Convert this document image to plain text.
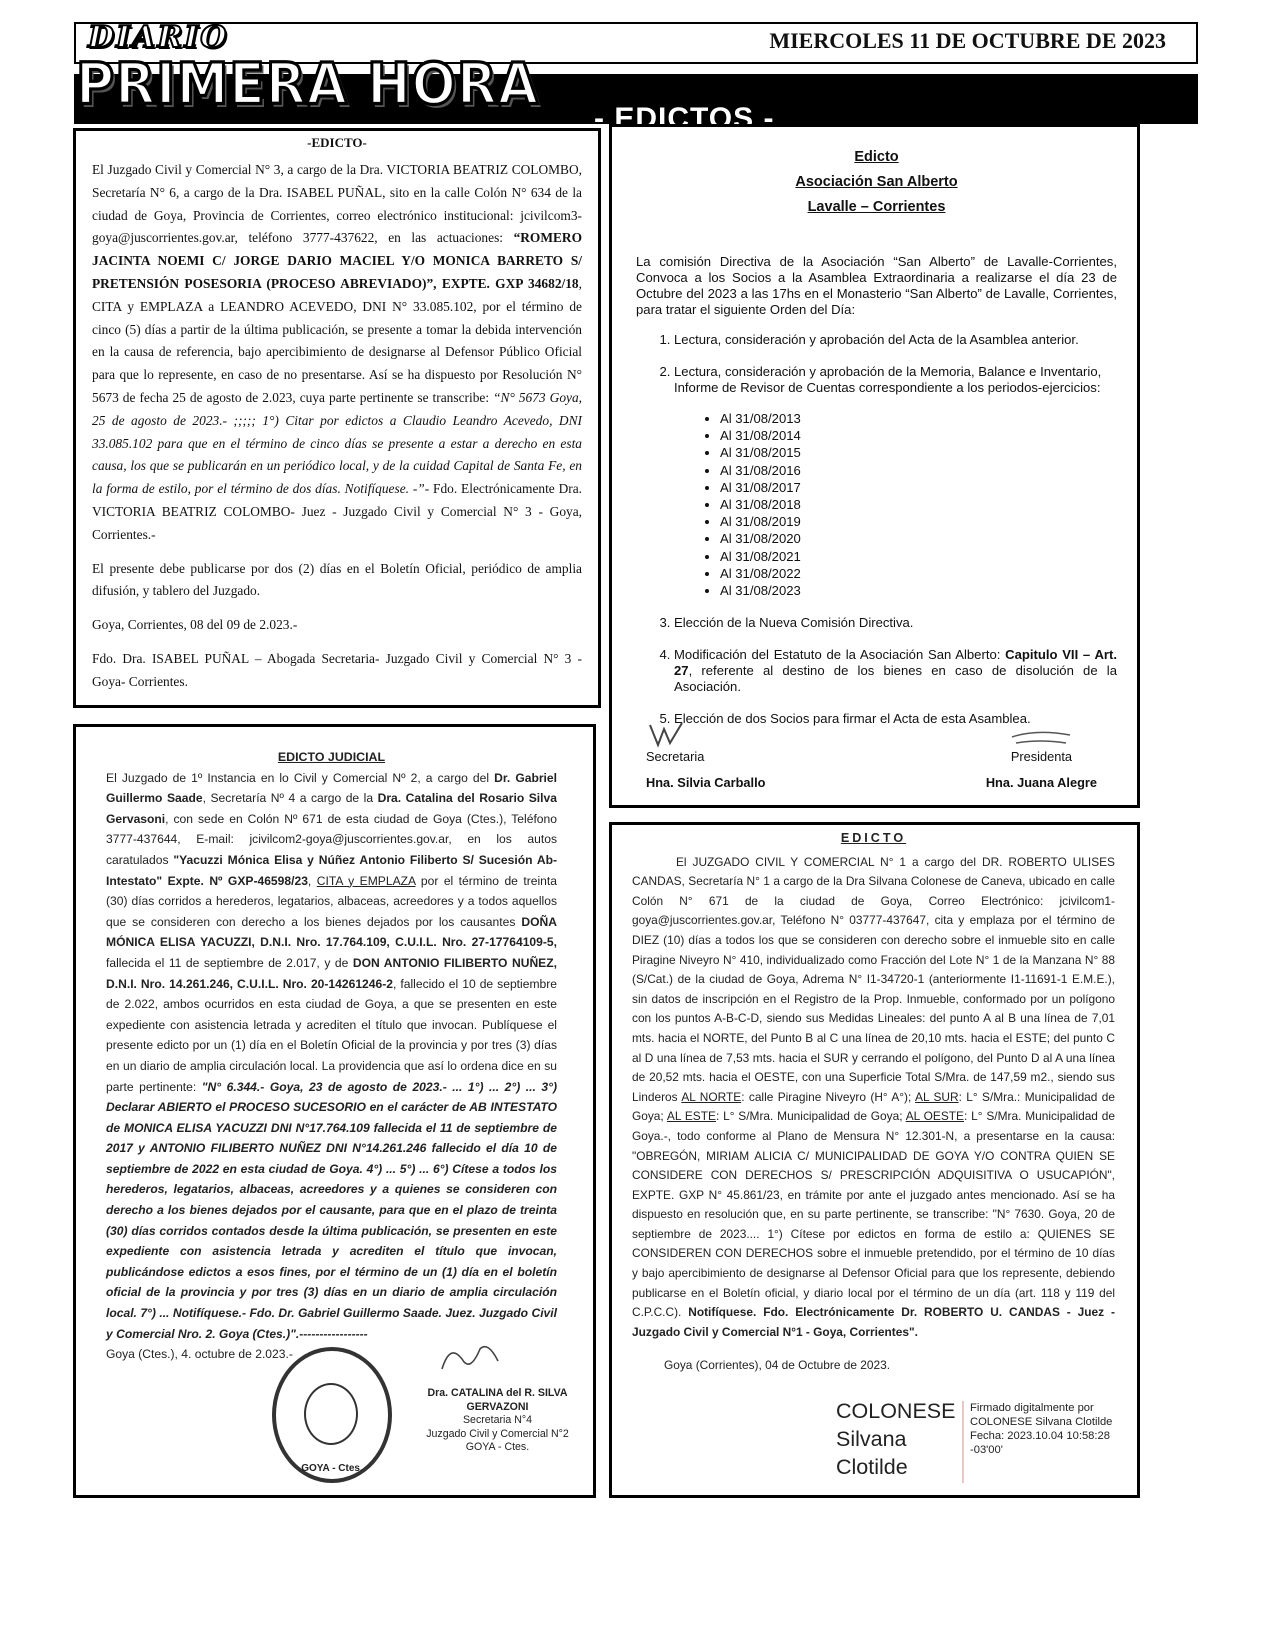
DIARIO	MIERCOLES 11 DE OCTUBRE DE 2023
PRIMERA HORA
- EDICTOS -
-EDICTO-

El Juzgado Civil y Comercial N° 3, a cargo de la Dra. VICTORIA BEATRIZ COLOMBO, Secretaría N° 6, a cargo de la Dra. ISABEL PUÑAL, sito en la calle Colón N° 634 de la ciudad de Goya, Provincia de Corrientes, correo electrónico institucional: jcivilcom3-goya@juscorrientes.gov.ar, teléfono 3777-437622, en las actuaciones: “ROMERO JACINTA NOEMI C/ JORGE DARIO MACIEL Y/O MONICA BARRETO S/ PRETENSIÓN POSESORIA (PROCESO ABREVIADO)”, EXPTE. GXP 34682/18, CITA y EMPLAZA a LEANDRO ACEVEDO, DNI N° 33.085.102, por el término de cinco (5) días a partir de la última publicación, se presente a tomar la debida intervención en la causa de referencia, bajo apercibimiento de designarse al Defensor Público Oficial para que lo represente, en caso de no presentarse. Así se ha dispuesto por Resolución N° 5673 de fecha 25 de agosto de 2.023, cuya parte pertinente se transcribe: “N° 5673 Goya, 25 de agosto de 2023.- ;;;;; 1°) Citar por edictos a Claudio Leandro Acevedo, DNI 33.085.102 para que en el término de cinco días se presente a estar a derecho en esta causa, los que se publicarán en un periódico local, y de la cuidad Capital de Santa Fe, en la forma de estilo, por el término de dos días. Notifíquese. -”- Fdo. Electrónicamente Dra. VICTORIA BEATRIZ COLOMBO- Juez - Juzgado Civil y Comercial N° 3 - Goya, Corrientes.-

El presente debe publicarse por dos (2) días en el Boletín Oficial, periódico de amplia difusión, y tablero del Juzgado.

Goya, Corrientes, 08 del 09 de 2.023.-

Fdo. Dra. ISABEL PUÑAL – Abogada Secretaria- Juzgado Civil y Comercial N° 3 - Goya- Corrientes.

Edicto
Asociación San Alberto
Lavalle – Corrientes

La comisión Directiva de la Asociación “San Alberto” de Lavalle-Corrientes, Convoca a los Socios a la Asamblea Extraordinaria a realizarse el día 23 de Octubre del 2023 a las 17hs en el Monasterio “San Alberto” de Lavalle, Corrientes, para tratar el siguiente Orden del Día:

1. Lectura, consideración y aprobación del Acta de la Asamblea anterior.
2. Lectura, consideración y aprobación de la Memoria, Balance e Inventario, Informe de Revisor de Cuentas correspondiente a los periodos-ejercicios:
• Al 31/08/2013
• Al 31/08/2014
• Al 31/08/2015
• Al 31/08/2016
• Al 31/08/2017
• Al 31/08/2018
• Al 31/08/2019
• Al 31/08/2020
• Al 31/08/2021
• Al 31/08/2022
• Al 31/08/2023
3. Elección de la Nueva Comisión Directiva.
4. Modificación del Estatuto de la Asociación San Alberto: Capitulo VII – Art. 27, referente al destino de los bienes en caso de disolución de la Asociación.
5. Elección de dos Socios para firmar el Acta de esta Asamblea.
Secretaria
Hna. Silvia Carballo
Presidenta
Hna. Juana Alegre
EDICTO JUDICIAL

El Juzgado de 1º Instancia en lo Civil y Comercial Nº 2, a cargo del Dr. Gabriel Guillermo Saade, Secretaría Nº 4 a cargo de la Dra. Catalina del Rosario Silva Gervasoni, con sede en Colón Nº 671 de esta ciudad de Goya (Ctes.), Teléfono 3777-437644, E-mail: jcivilcom2-goya@juscorrientes.gov.ar, en los autos caratulados "Yacuzzi Mónica Elisa y Núñez Antonio Filiberto S/ Sucesión Ab-Intestato" Expte. Nº GXP-46598/23, CITA y EMPLAZA por el término de treinta (30) días corridos a herederos, legatarios, albaceas, acreedores y a todos aquellos que se consideren con derecho a los bienes dejados por los causantes DOÑA MÓNICA ELISA YACUZZI, D.N.I. Nro. 17.764.109, C.U.I.L. Nro. 27-17764109-5, fallecida el 11 de septiembre de 2.017, y de DON ANTONIO FILIBERTO NUÑEZ, D.N.I. Nro. 14.261.246, C.U.I.L. Nro. 20-14261246-2, fallecido el 10 de septiembre de 2.022, ambos ocurridos en esta ciudad de Goya, a que se presenten en este expediente con asistencia letrada y acrediten el título que invocan. Publíquese el presente edicto por un (1) día en el Boletín Oficial de la provincia y por tres (3) días en un diario de amplia circulación local. La providencia que así lo ordena dice en su parte pertinente: "N° 6.344.- Goya, 23 de agosto de 2023.- ... 1°) ... 2°) ... 3°) Declarar ABIERTO el PROCESO SUCESORIO en el carácter de AB INTESTATO de MONICA ELISA YACUZZI DNI N°17.764.109 fallecida el 11 de septiembre de 2017 y ANTONIO FILIBERTO NUÑEZ DNI N°14.261.246 fallecido el día 10 de septiembre de 2022 en esta ciudad de Goya. 4°) ... 5°) ... 6°) Cítese a todos los herederos, legatarios, albaceas, acreedores y a quienes se consideren con derecho a los bienes dejados por el causante, para que en el plazo de treinta (30) días corridos contados desde la última publicación, se presenten en este expediente con asistencia letrada y acrediten el título que invocan, publicándose edictos a esos fines, por el término de un (1) día en el boletín oficial de la provincia y por tres (3) días en un diario de amplia circulación local. 7°) ... Notifíquese.- Fdo. Dr. Gabriel Guillermo Saade. Juez. Juzgado Civil y Comercial Nro. 2. Goya (Ctes.)".-----------------

Goya (Ctes.), 4. octubre de 2.023.-

GOYA - Ctes.
Dra. CATALINA del R. SILVA GERVAZONI
Secretaria N°4
Juzgado Civil y Comercial N°2
GOYA - Ctes.
EDICTO

El JUZGADO CIVIL Y COMERCIAL N° 1 a cargo del DR. ROBERTO ULISES CANDAS, Secretaría N° 1 a cargo de la Dra Silvana Colonese de Caneva, ubicado en calle Colón N° 671 de la ciudad de Goya, Correo Electrónico: jcivilcom1-goya@juscorrientes.gov.ar, Teléfono N° 03777-437647, cita y emplaza por el término de DIEZ (10) días a todos los que se consideren con derecho sobre el inmueble sito en calle Piragine Niveyro N° 410, individualizado como Fracción del Lote N° 1 de la Manzana N° 88 (S/Cat.) de la ciudad de Goya, Adrema N° I1-34720-1 (anteriormente I1-11691-1 E.M.E.), sin datos de inscripción en el Registro de la Prop. Inmueble, conformado por un polígono con los puntos A-B-C-D, siendo sus Medidas Lineales: del punto A al B una línea de 7,01 mts. hacia el NORTE, del Punto B al C una línea de 20,10 mts. hacia el ESTE; del punto C al D una línea de 7,53 mts. hacia el SUR y cerrando el polígono, del Punto D al A una línea de 20,52 mts. hacia el OESTE, con una Superficie Total S/Mra. de 147,59 m2., siendo sus Linderos AL NORTE: calle Piragine Niveyro (H° A°); AL SUR: L° S/Mra.: Municipalidad de Goya; AL ESTE: L° S/Mra. Municipalidad de Goya; AL OESTE: L° S/Mra. Municipalidad de Goya.-, todo conforme al Plano de Mensura N° 12.301-N, a presentarse en la causa: "OBREGÓN, MIRIAM ALICIA C/ MUNICIPALIDAD DE GOYA Y/O CONTRA QUIEN SE CONSIDERE CON DERECHOS S/ PRESCRIPCIÓN ADQUISITIVA O USUCAPIÓN", EXPTE. GXP N° 45.861/23, en trámite por ante el juzgado antes mencionado. Así se ha dispuesto en resolución que, en su parte pertinente, se transcribe: "N° 7630. Goya, 20 de septiembre de 2023.... 1°) Cítese por edictos en forma de estilo a: QUIENES SE CONSIDEREN CON DERECHOS sobre el inmueble pretendido, por el término de 10 días y bajo apercibimiento de designarse al Defensor Oficial para que los represente, debiendo publicarse en el Boletín oficial, y diario local por el término de un día (art. 118 y 119 del C.P.C.C). Notifíquese. Fdo. Electrónicamente Dr. ROBERTO U. CANDAS - Juez - Juzgado Civil y Comercial N°1 - Goya, Corrientes".

Goya (Corrientes), 04 de Octubre de 2023.

COLONESE Silvana Clotilde
Firmado digitalmente por COLONESE Silvana Clotilde Fecha: 2023.10.04 10:58:28 -03'00'
